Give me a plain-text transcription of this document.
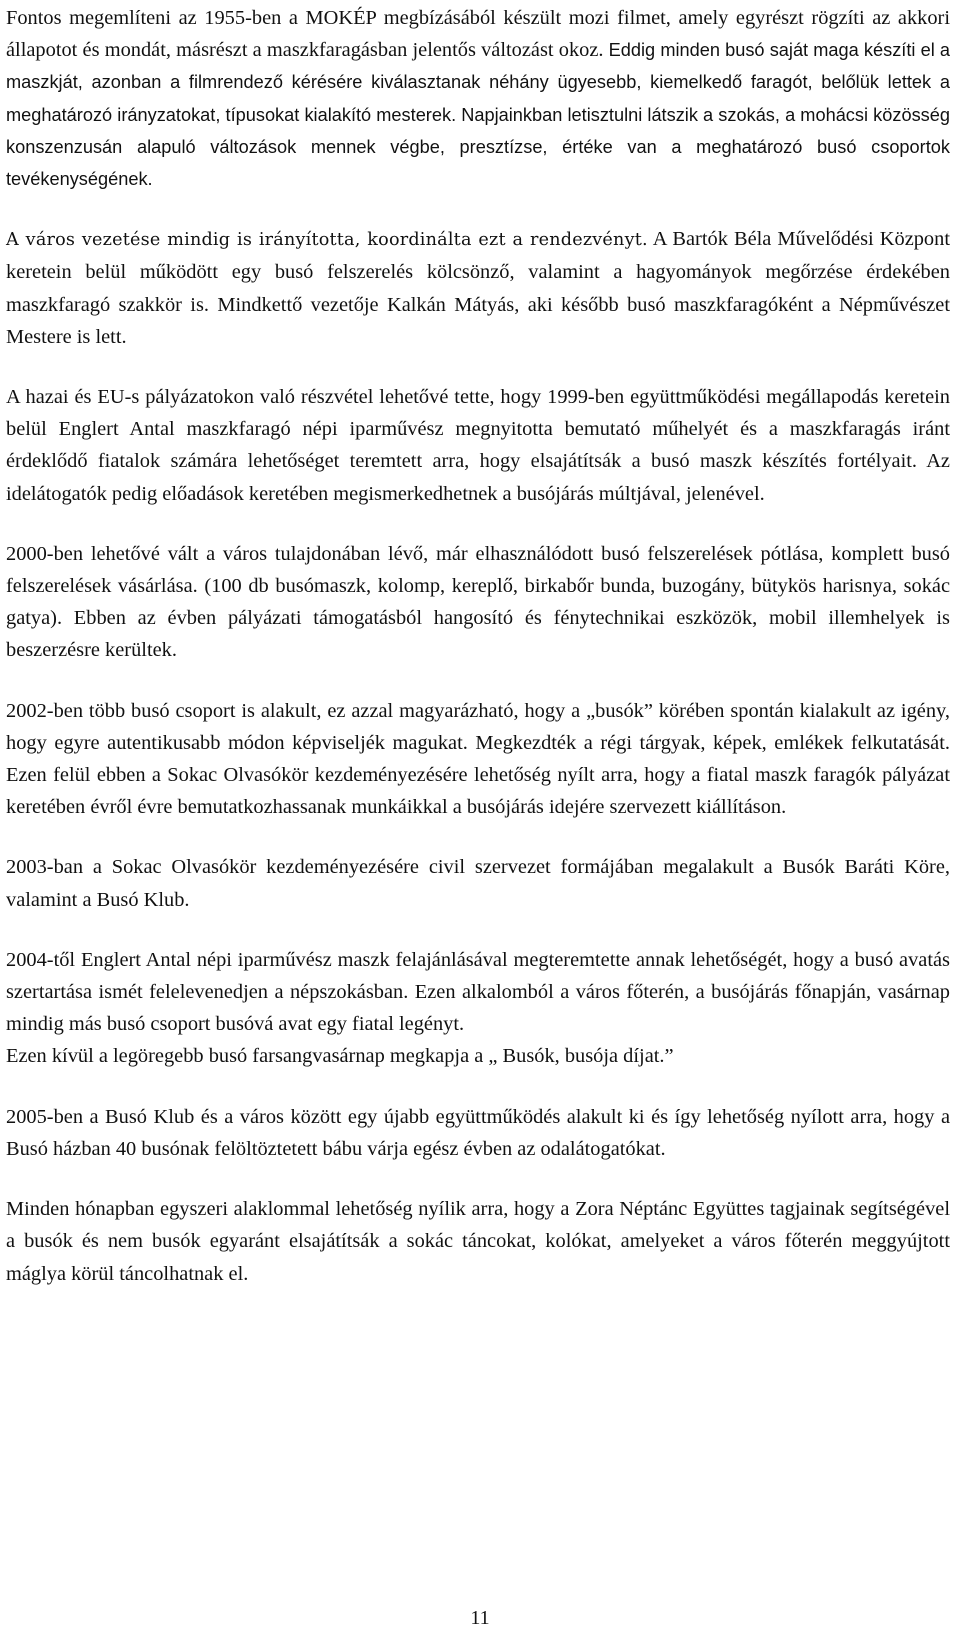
Fontos megemlíteni az 1955-ben a MOKÉP megbízásából készült mozi filmet, amely egyrészt rögzíti az akkori állapotot és mondát, másrészt a maszkfaragásban jelentős változást okoz. Eddig minden busó saját maga készíti el a maszkját, azonban a filmrendező kérésére kiválasztanak néhány ügyesebb, kiemelkedő faragót, belőlük lettek a meghatározó irányzatokat, típusokat kialakító mesterek. Napjainkban letisztulni látszik a szokás, a mohácsi közösség konszenzusán alapuló változások mennek végbe, presztízse, értéke van a meghatározó busó csoportok tevékenységének.

A város vezetése mindig is irányította, koordinálta ezt a rendezvényt. A Bartók Béla Művelődési Központ keretein belül működött egy busó felszerelés kölcsönző, valamint a hagyományok megőrzése érdekében maszkfaragó szakkör is. Mindkettő vezetője Kalkán Mátyás, aki később busó maszkfaragóként a Népművészet Mestere is lett.

A hazai és EU-s pályázatokon való részvétel lehetővé tette, hogy 1999-ben együttműködési megállapodás keretein belül Englert Antal maszkfaragó népi iparművész megnyitotta bemutató műhelyét és a maszkfaragás iránt érdeklődő fiatalok számára lehetőséget teremtett arra, hogy elsajátítsák a busó maszk készítés fortélyait. Az idelátogatók pedig előadások keretében megismerkedhetnek a busójárás múltjával, jelenével.

2000-ben lehetővé vált a város tulajdonában lévő, már elhasználódott busó felszerelések pótlása, komplett busó felszerelések vásárlása. (100 db busómaszk, kolomp, kereplő, birkabőr bunda, buzogány, bütykös harisnya, sokác gatya). Ebben az évben pályázati támogatásból hangosító és fénytechnikai eszközök, mobil illemhelyek is beszerzésre kerültek.

2002-ben több busó csoport is alakult, ez azzal magyarázható, hogy a „busók” körében spontán kialakult az igény, hogy egyre autentikusabb módon képviseljék magukat. Megkezdték a régi tárgyak, képek, emlékek felkutatását. Ezen felül ebben a Sokac Olvasókör kezdeményezésére lehetőség nyílt arra, hogy a fiatal maszk faragók pályázat keretében évről évre bemutatkozhassanak munkáikkal a busójárás idejére szervezett kiállításon.

2003-ban a Sokac Olvasókör kezdeményezésére civil szervezet formájában megalakult a Busók Baráti Köre, valamint a Busó Klub.

2004-től Englert Antal népi iparművész maszk felajánlásával megteremtette annak lehetőségét, hogy a busó avatás szertartása ismét felelevenedjen a népszokásban. Ezen alkalomból a város főterén, a busójárás főnapján, vasárnap mindig más busó csoport busóvá avat egy fiatal legényt.

Ezen kívül a legöregebb busó farsangvasárnap megkapja a „ Busók, busója díjat.”

2005-ben a Busó Klub és a város között egy újabb együttműködés alakult ki és így lehetőség nyílott arra, hogy a Busó házban 40 busónak felöltöztetett bábu várja egész évben az odalátogatókat.

Minden hónapban egyszeri alaklommal lehetőség nyílik arra, hogy a Zora Néptánc Együttes tagjainak segítségével a busók és nem busók egyaránt elsajátítsák a sokác táncokat, kolókat, amelyeket a város főterén meggyújtott máglya körül táncolhatnak el.

11
